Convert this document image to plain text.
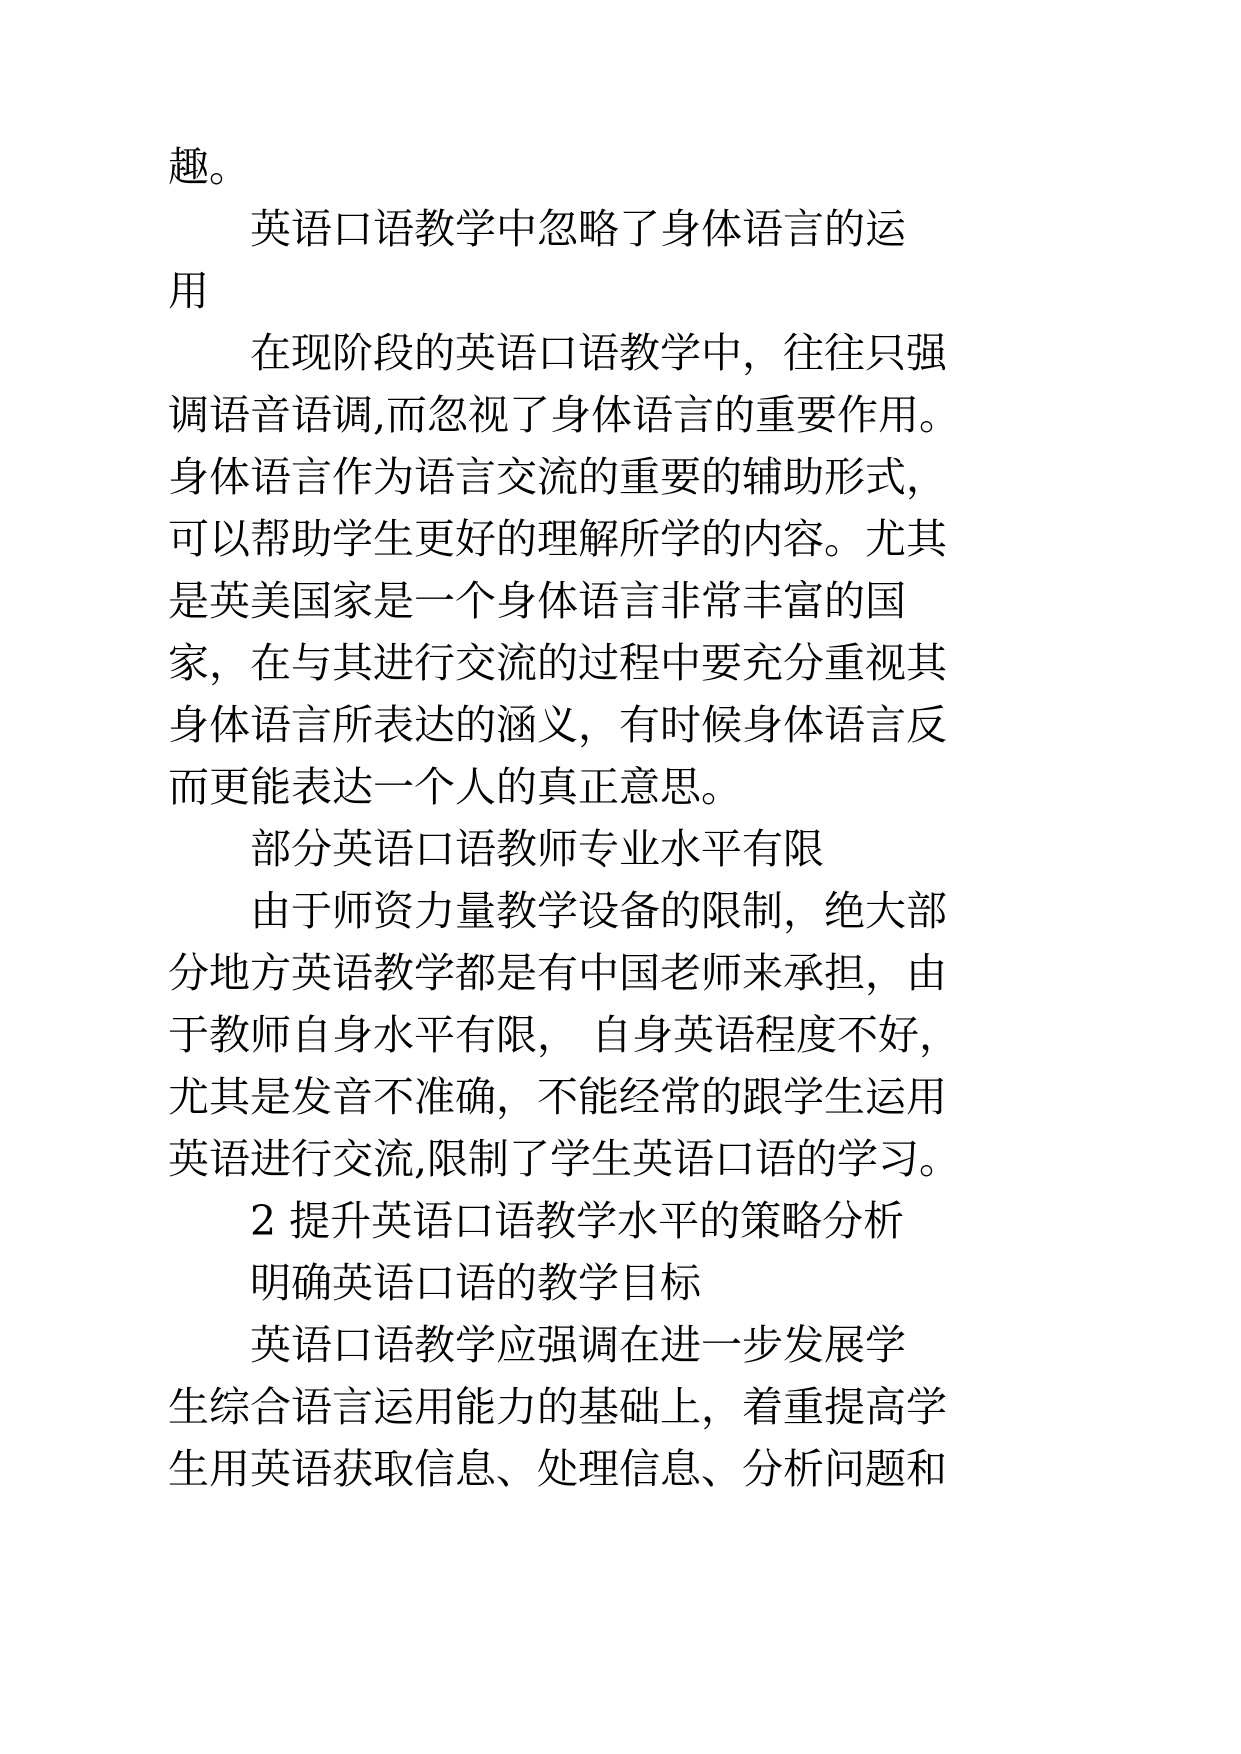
趣。
英语口语教学中忽略了身体语言的运
用
在现阶段的英语口语教学中，往往只强
调语音语调,而忽视了身体语言的重要作用。
身体语言作为语言交流的重要的辅助形式，
可以帮助学生更好的理解所学的内容。尤其
是英美国家是一个身体语言非常丰富的国
家，在与其进行交流的过程中要充分重视其
身体语言所表达的涵义，有时候身体语言反
而更能表达一个人的真正意思。
部分英语口语教师专业水平有限
由于师资力量教学设备的限制，绝大部
分地方英语教学都是有中国老师来承担，由
于教师自身水平有限， 自身英语程度不好，
尤其是发音不准确，不能经常的跟学生运用
英语进行交流,限制了学生英语口语的学习。
2 提升英语口语教学水平的策略分析
明确英语口语的教学目标
英语口语教学应强调在进一步发展学
生综合语言运用能力的基础上，着重提高学
生用英语获取信息、处理信息、分析问题和
